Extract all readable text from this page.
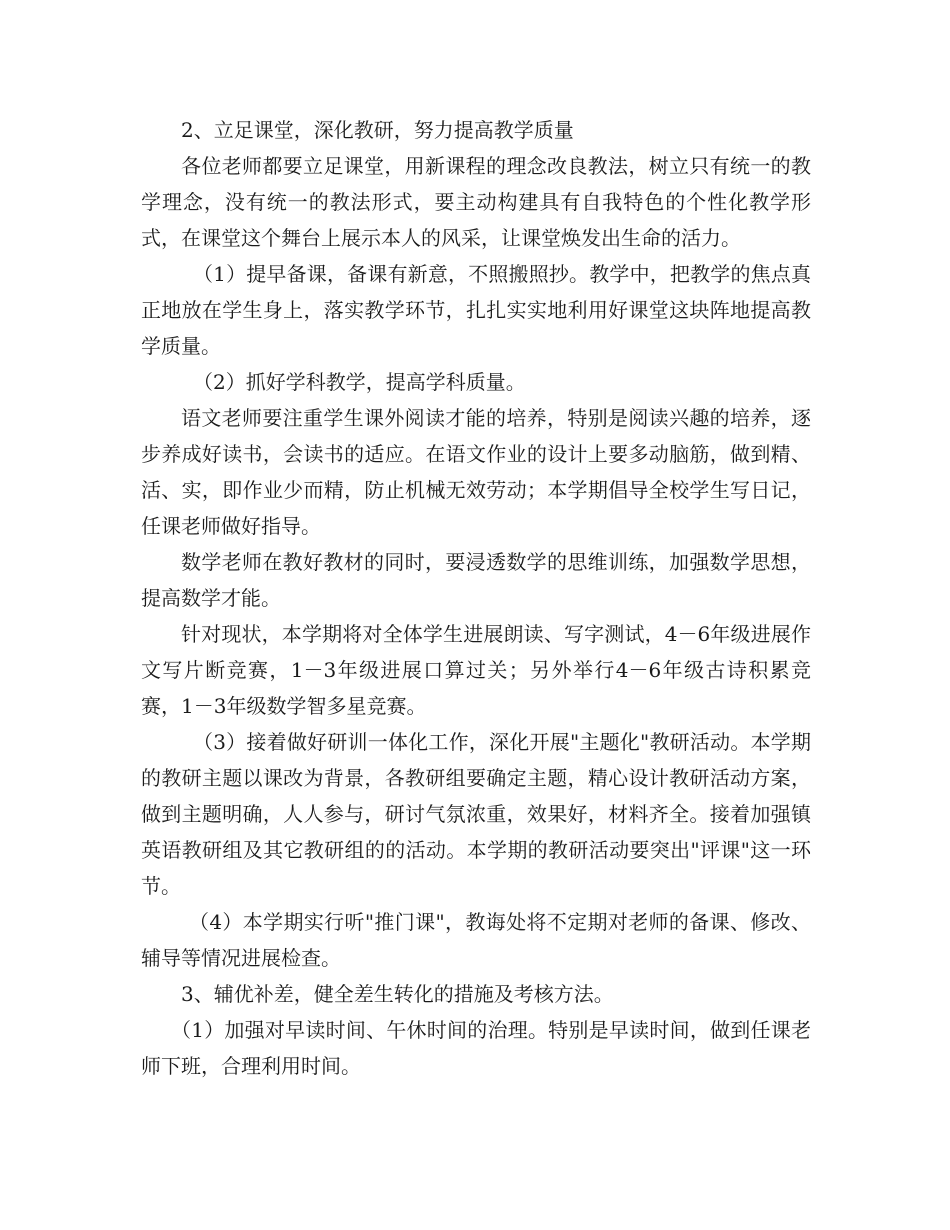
2、立足课堂，深化教研，努力提高教学质量

各位老师都要立足课堂，用新课程的理念改良教法，树立只有统一的教学理念，没有统一的教法形式，要主动构建具有自我特色的个性化教学形式，在课堂这个舞台上展示本人的风采，让课堂焕发出生命的活力。

（1）提早备课，备课有新意，不照搬照抄。教学中，把教学的焦点真正地放在学生身上，落实教学环节，扎扎实实地利用好课堂这块阵地提高教学质量。

（2）抓好学科教学，提高学科质量。

语文老师要注重学生课外阅读才能的培养，特别是阅读兴趣的培养，逐步养成好读书，会读书的适应。在语文作业的设计上要多动脑筋，做到精、活、实，即作业少而精，防止机械无效劳动；本学期倡导全校学生写日记，任课老师做好指导。

数学老师在教好教材的同时，要浸透数学的思维训练，加强数学思想，提高数学才能。

针对现状，本学期将对全体学生进展朗读、写字测试，4－6年级进展作文写片断竞赛，1－3年级进展口算过关；另外举行4－6年级古诗积累竞赛，1－3年级数学智多星竞赛。

（3）接着做好研训一体化工作，深化开展"主题化"教研活动。本学期的教研主题以课改为背景，各教研组要确定主题，精心设计教研活动方案，做到主题明确，人人参与，研讨气氛浓重，效果好，材料齐全。接着加强镇英语教研组及其它教研组的的活动。本学期的教研活动要突出"评课"这一环节。

（4）本学期实行听"推门课"，教诲处将不定期对老师的备课、修改、辅导等情况进展检查。

3、辅优补差，健全差生转化的措施及考核方法。

（1）加强对早读时间、午休时间的治理。特别是早读时间，做到任课老师下班，合理利用时间。
